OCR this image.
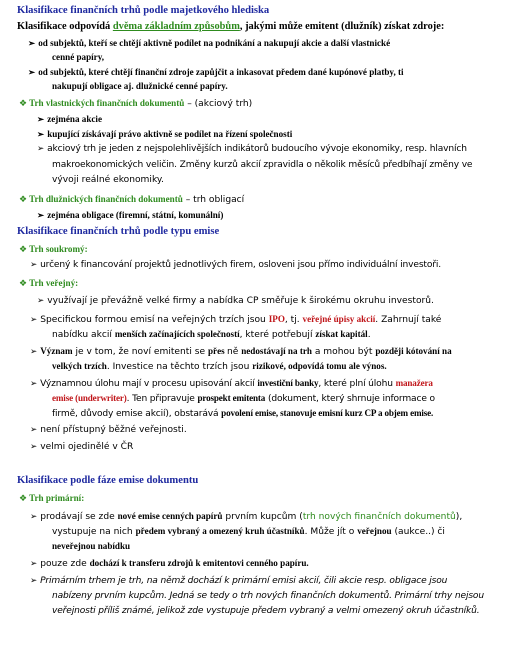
Klasifikace finančních trhů podle majetkového hlediska
Klasifikace odpovídá dvěma základním způsobům, jakými může emitent (dlužník) získat zdroje:
➢ od subjektů, kteří se chtějí aktivně podílet na podnikání a nakupují akcie a další vlastnické
cenné papíry,
➢ od subjektů, které chtějí finanční zdroje zapůjčit a inkasovat předem dané kupónové platby, ti
nakupují obligace aj. dlužnické cenné papíry.
❖ Trh vlastnických finančních dokumentů – (akciový trh)
➢ zejména akcie
➢ kupující získávají právo aktivně se podílet na řízení společnosti
➢ akciový trh je jeden z nejspolehlivějších indikátorů budoucího vývoje ekonomiky, resp. hlavních
makroekonomických veličin. Změny kurzů akcií zpravidla o několik měsíců předbíhají změny ve
vývoji reálné ekonomiky.
❖ Trh dlužnických finančních dokumentů – trh obligací
➢ zejména obligace (firemní, státní, komunální)
Klasifikace finančních trhů podle typu emise
❖ Trh soukromý:
➢ určený k financování projektů jednotlivých firem, osloveni jsou přímo individuální investoři.
❖ Trh veřejný:
➢ využívají je převážně velké firmy a nabídka CP směřuje k širokému okruhu investorů.
➢ Specifickou formou emisí na veřejných trzích jsou IPO, tj. veřejné úpisy akcií. Zahrnují také
nabídku akcií menších začínajících společností, které potřebují získat kapitál.
➢ Význam je v tom, že noví emitenti se přes ně nedostávají na trh a mohou být později kótování na
velkých trzích. Investice na těchto trzích jsou rizikové, odpovídá tomu ale výnos.
➢ Významnou úlohu mají v procesu upisování akcií investiční banky, které plní úlohu manažera
emise (underwriter). Ten připravuje prospekt emitenta (dokument, který shrnuje informace o
firmě, důvody emise akcií), obstarává povolení emise, stanovuje emisní kurz CP a objem emise.
➢ není přístupný běžné veřejnosti.
➢ velmi ojedinělé v ČR
Klasifikace podle fáze emise dokumentu
❖ Trh primární:
➢ prodávají se zde nové emise cenných papírů prvním kupcům (trh nových finančních dokumentů),
vystupuje na nich předem vybraný a omezený kruh účastníků. Může jít o veřejnou (aukce..) či
neveřejnou nabídku
➢ pouze zde dochází k transferu zdrojů k emitentovi cenného papíru.
➢ Primárním trhem je trh, na němž dochází k primární emisi akcií, čili akcie resp. obligace jsou
nabízeny prvním kupcům. Jedná se tedy o trh nových finančních dokumentů. Primární trhy nejsou
veřejnosti příliš známé, jelikož zde vystupuje předem vybraný a velmi omezený okruh účastníků.
